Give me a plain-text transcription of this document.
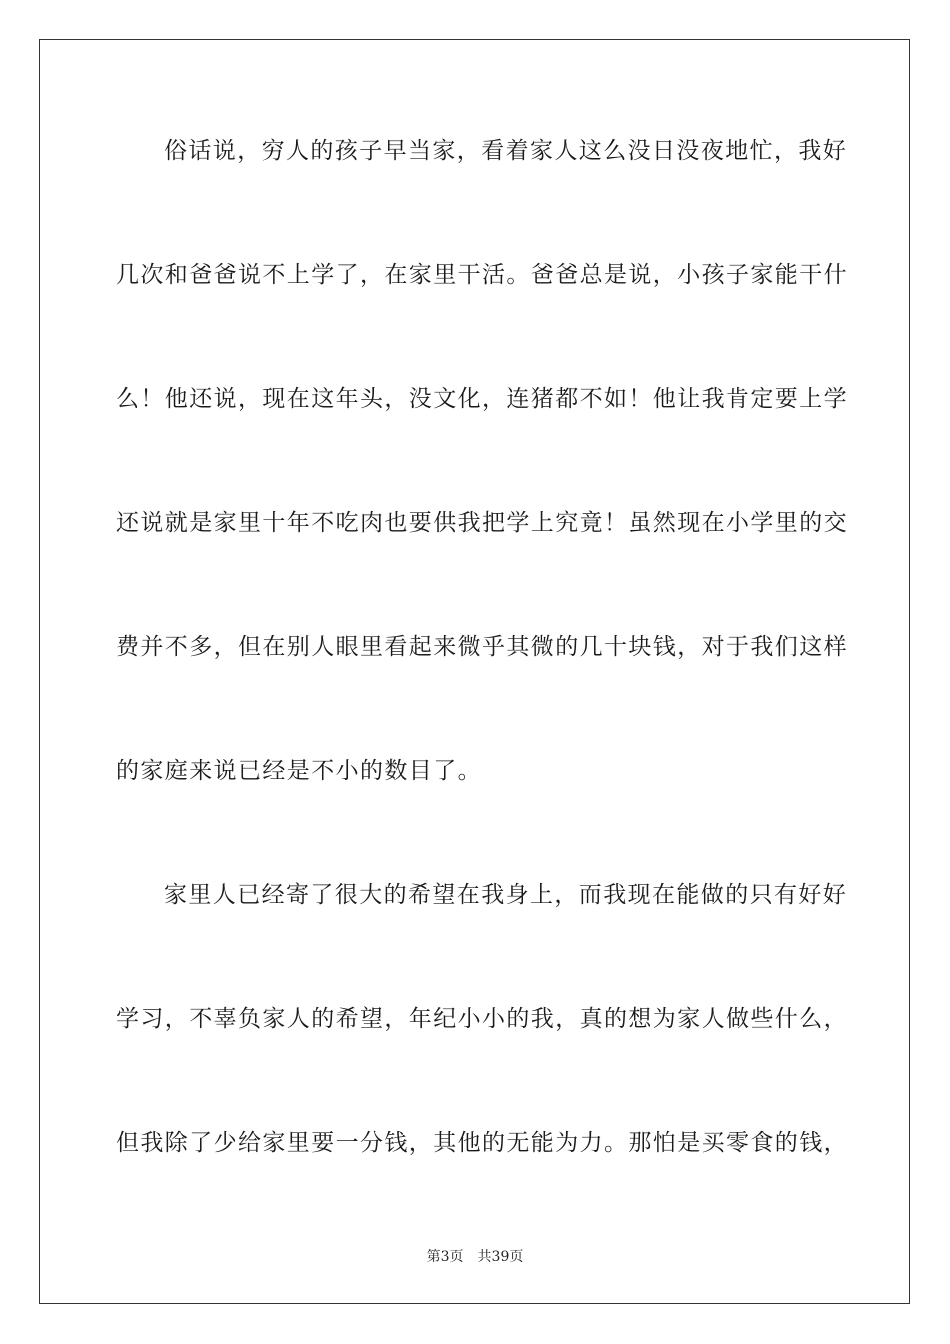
俗话说，穷人的孩子早当家，看着家人这么没日没夜地忙，我好
几次和爸爸说不上学了，在家里干活。爸爸总是说，小孩子家能干什
么！他还说，现在这年头，没文化，连猪都不如！他让我肯定要上学
还说就是家里十年不吃肉也要供我把学上究竟！虽然现在小学里的交
费并不多，但在别人眼里看起来微乎其微的几十块钱，对于我们这样
的家庭来说已经是不小的数目了。
家里人已经寄了很大的希望在我身上，而我现在能做的只有好好
学习，不辜负家人的希望，年纪小小的我，真的想为家人做些什么，
但我除了少给家里要一分钱，其他的无能为力。那怕是买零食的钱，
第3页 共39页
